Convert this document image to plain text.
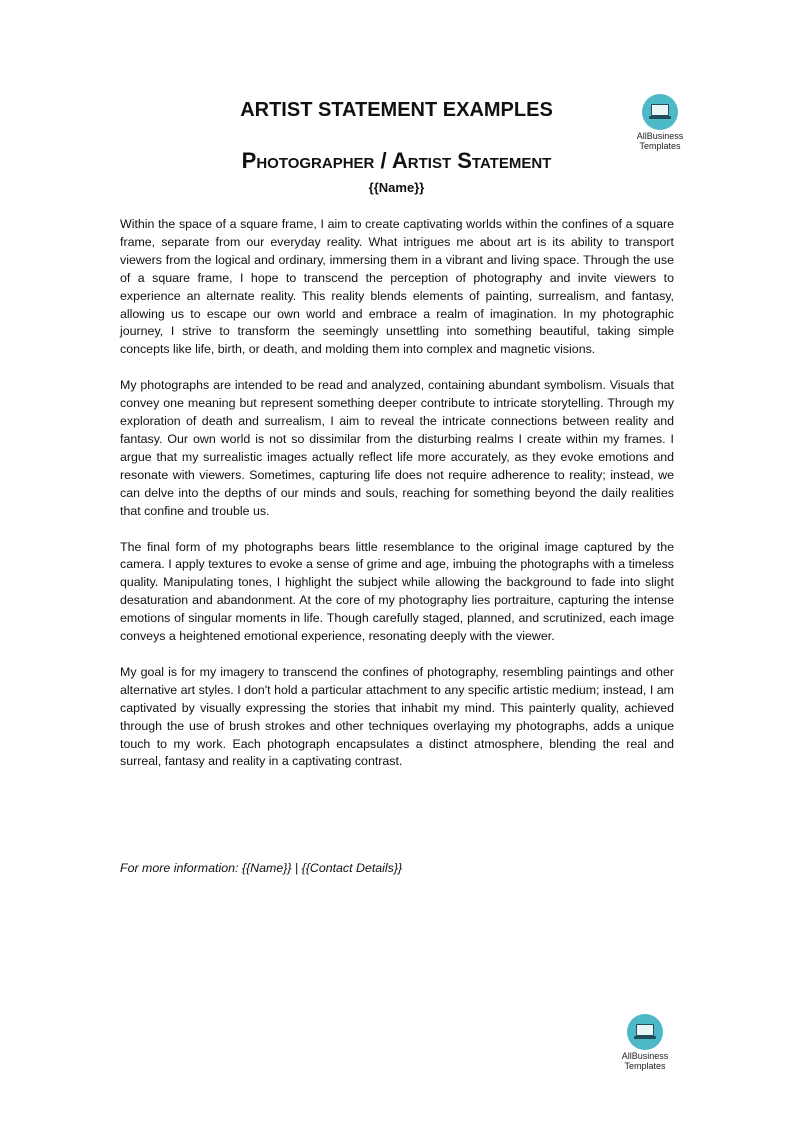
AllBusiness
Templates
ARTIST STATEMENT EXAMPLES
Photographer / Artist Statement
{{Name}}

Within the space of a square frame, I aim to create captivating worlds within the confines of a square frame, separate from our everyday reality. What intrigues me about art is its ability to transport viewers from the logical and ordinary, immersing them in a vibrant and living space. Through the use of a square frame, I hope to transcend the perception of photography and invite viewers to experience an alternate reality. This reality blends elements of painting, surrealism, and fantasy, allowing us to escape our own world and embrace a realm of imagination. In my photographic journey, I strive to transform the seemingly unsettling into something beautiful, taking simple concepts like life, birth, or death, and molding them into complex and magnetic visions.

My photographs are intended to be read and analyzed, containing abundant symbolism. Visuals that convey one meaning but represent something deeper contribute to intricate storytelling. Through my exploration of death and surrealism, I aim to reveal the intricate connections between reality and fantasy. Our own world is not so dissimilar from the disturbing realms I create within my frames. I argue that my surrealistic images actually reflect life more accurately, as they evoke emotions and resonate with viewers. Sometimes, capturing life does not require adherence to reality; instead, we can delve into the depths of our minds and souls, reaching for something beyond the daily realities that confine and trouble us.

The final form of my photographs bears little resemblance to the original image captured by the camera. I apply textures to evoke a sense of grime and age, imbuing the photographs with a timeless quality. Manipulating tones, I highlight the subject while allowing the background to fade into slight desaturation and abandonment. At the core of my photography lies portraiture, capturing the intense emotions of singular moments in life. Though carefully staged, planned, and scrutinized, each image conveys a heightened emotional experience, resonating deeply with the viewer.

My goal is for my imagery to transcend the confines of photography, resembling paintings and other alternative art styles. I don't hold a particular attachment to any specific artistic medium; instead, I am captivated by visually expressing the stories that inhabit my mind. This painterly quality, achieved through the use of brush strokes and other techniques overlaying my photographs, adds a unique touch to my work. Each photograph encapsulates a distinct atmosphere, blending the real and surreal, fantasy and reality in a captivating contrast.

For more information: {{Name}} | {{Contact Details}}

AllBusiness
Templates
